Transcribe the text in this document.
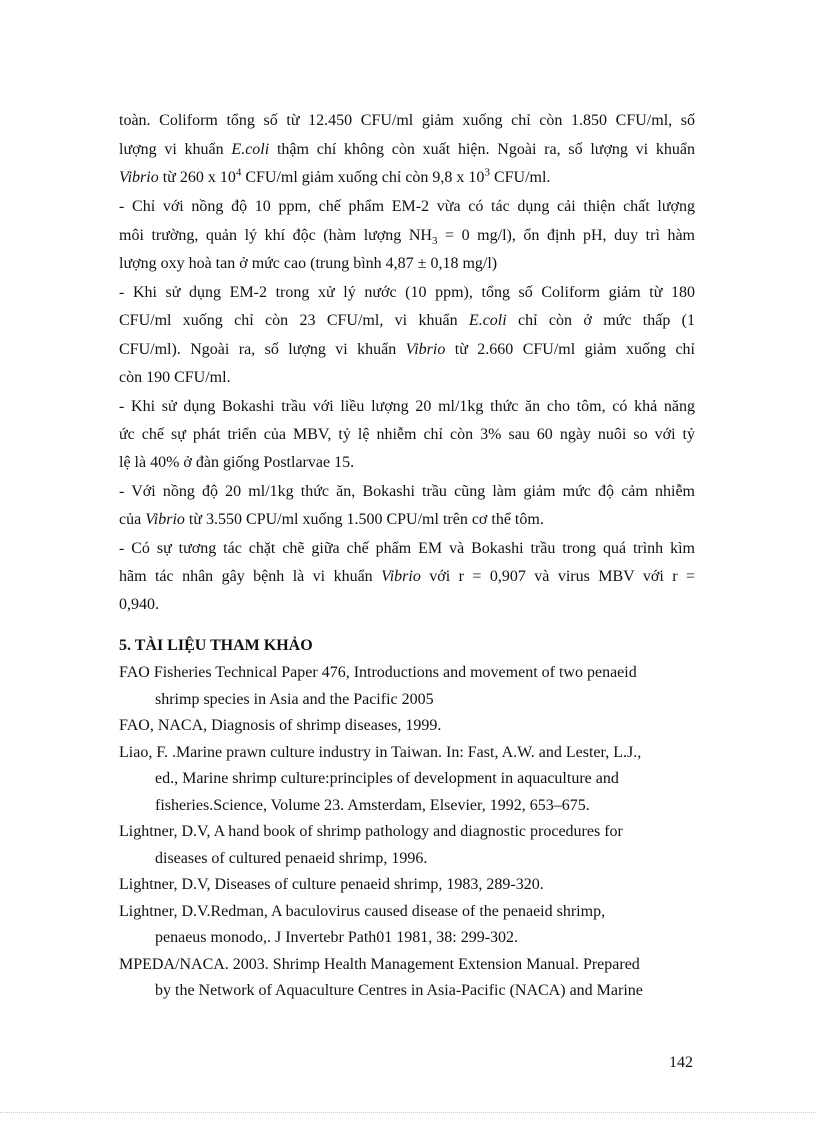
toàn. Coliform tổng số từ 12.450 CFU/ml giảm xuống chỉ còn 1.850 CFU/ml, số
lượng vi khuẩn E.coli thậm chí không còn xuất hiện. Ngoài ra, số lượng vi khuẩn
Vibrio từ 260 x $10^4$ CFU/ml giảm xuống chỉ còn 9,8 x $10^3$ CFU/ml.
- Chỉ với nồng độ 10 ppm, chế phẩm EM-2 vừa có tác dụng cải thiện chất lượng
môi trường, quản lý khí độc (hàm lượng $NH_3 = 0$ mg/l), ổn định pH, duy trì hàm
lượng oxy hoà tan ở mức cao (trung bình 4,87 ± 0,18 mg/l)
- Khi sử dụng EM-2 trong xử lý nước (10 ppm), tổng số Coliform giảm từ 180
CFU/ml xuống chỉ còn 23 CFU/ml, vi khuẩn E.coli chỉ còn ở mức thấp (1
CFU/ml). Ngoài ra, số lượng vi khuẩn Vibrio từ 2.660 CFU/ml giảm xuống chỉ
còn 190 CFU/ml.
- Khi sử dụng Bokashi trầu với liều lượng 20 ml/1kg thức ăn cho tôm, có khả năng
ức chế sự phát triển của MBV, tỷ lệ nhiễm chỉ còn 3% sau 60 ngày nuôi so với tỷ
lệ là 40% ở đàn giống Postlarvae 15.
- Với nồng độ 20 ml/1kg thức ăn, Bokashi trầu cũng làm giảm mức độ cảm nhiễm
của Vibrio từ 3.550 CPU/ml xuống 1.500 CPU/ml trên cơ thể tôm.
- Có sự tương tác chặt chẽ giữa chế phẩm EM và Bokashi trầu trong quá trình kìm
hãm tác nhân gây bệnh là vi khuẩn Vibrio với r = 0,907 và virus MBV với r =
0,940.
5. TÀI LIỆU THAM KHẢO
FAO Fisheries Technical Paper 476, Introductions and movement of two penaeid
shrimp species in Asia and the Pacific 2005
FAO, NACA, Diagnosis of shrimp diseases, 1999.
Liao, F. .Marine prawn culture industry in Taiwan. In: Fast, A.W. and Lester, L.J.,
ed., Marine shrimp culture:principles of development in aquaculture and
fisheries.Science, Volume 23. Amsterdam, Elsevier, 1992, 653–675.
Lightner, D.V, A hand book of shrimp pathology and diagnostic procedures for
diseases of cultured penaeid shrimp, 1996.
Lightner, D.V, Diseases of culture penaeid shrimp, 1983, 289-320.
Lightner, D.V.Redman, A baculovirus caused disease of the penaeid shrimp,
penaeus monodo,. J Invertebr Path01 1981, 38: 299-302.
MPEDA/NACA. 2003. Shrimp Health Management Extension Manual. Prepared
by the Network of Aquaculture Centres in Asia-Pacific (NACA) and Marine
142
